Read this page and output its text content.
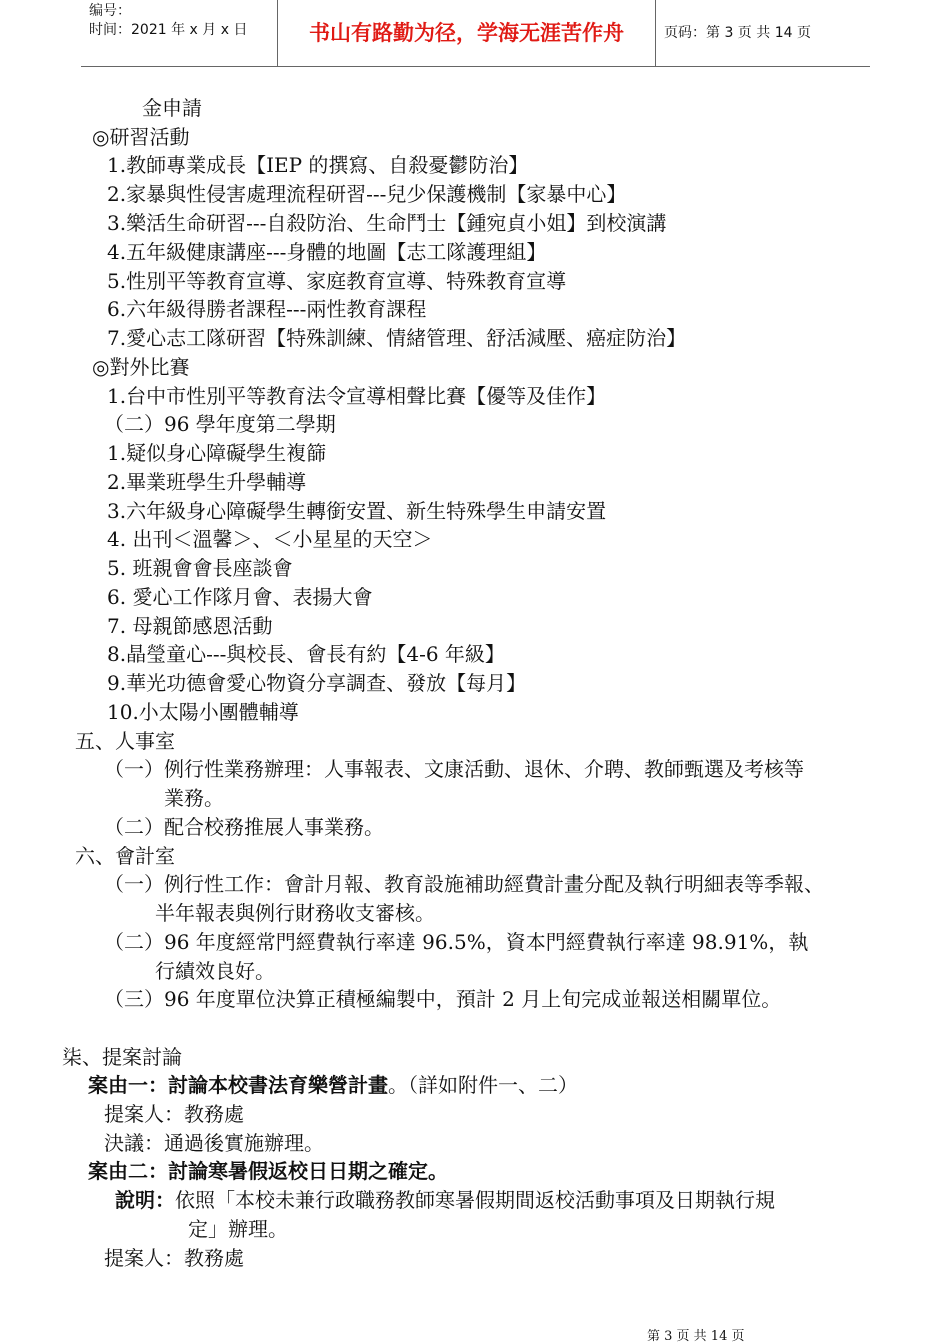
编号：
时间：2021 年 x 月 x 日	书山有路勤为径，学海无涯苦作舟	页码：第 3 页 共 14 页
金申請
◎研習活動
1.教師專業成長【IEP 的撰寫、自殺憂鬱防治】
2.家暴與性侵害處理流程研習---兒少保護機制【家暴中心】
3.樂活生命研習---自殺防治、生命鬥士【鍾宛貞小姐】到校演講
4.五年級健康講座---身體的地圖【志工隊護理組】
5.性別平等教育宣導、家庭教育宣導、特殊教育宣導
6.六年級得勝者課程---兩性教育課程
7.愛心志工隊研習【特殊訓練、情緒管理、舒活減壓、癌症防治】
◎對外比賽
1.台中市性別平等教育法令宣導相聲比賽【優等及佳作】
（二）96 學年度第二學期
1.疑似身心障礙學生複篩
2.畢業班學生升學輔導
3.六年級身心障礙學生轉銜安置、新生特殊學生申請安置
4. 出刊＜溫馨＞、＜小星星的天空＞
5. 班親會會長座談會
6. 愛心工作隊月會、表揚大會
7. 母親節感恩活動
8.晶瑩童心---與校長、會長有約【4-6 年級】
9.華光功德會愛心物資分享調查、發放【每月】
10.小太陽小團體輔導
五、人事室
（一）例行性業務辦理：人事報表、文康活動、退休、介聘、教師甄選及考核等
業務。
（二）配合校務推展人事業務。
六、會計室
（一）例行性工作：會計月報、教育設施補助經費計畫分配及執行明細表等季報、
半年報表與例行財務收支審核。
（二）96 年度經常門經費執行率達 96.5%，資本門經費執行率達 98.91%，執
行績效良好。
（三）96 年度單位決算正積極編製中，預計 2 月上旬完成並報送相關單位。
柒、提案討論
案由一：討論本校書法育樂營計畫。（詳如附件一、二）
提案人：教務處
決議：通過後實施辦理。
案由二：討論寒暑假返校日日期之確定。
說明：依照「本校未兼行政職務教師寒暑假期間返校活動事項及日期執行規
定」辦理。
提案人：教務處
第 3 页 共 14 页
